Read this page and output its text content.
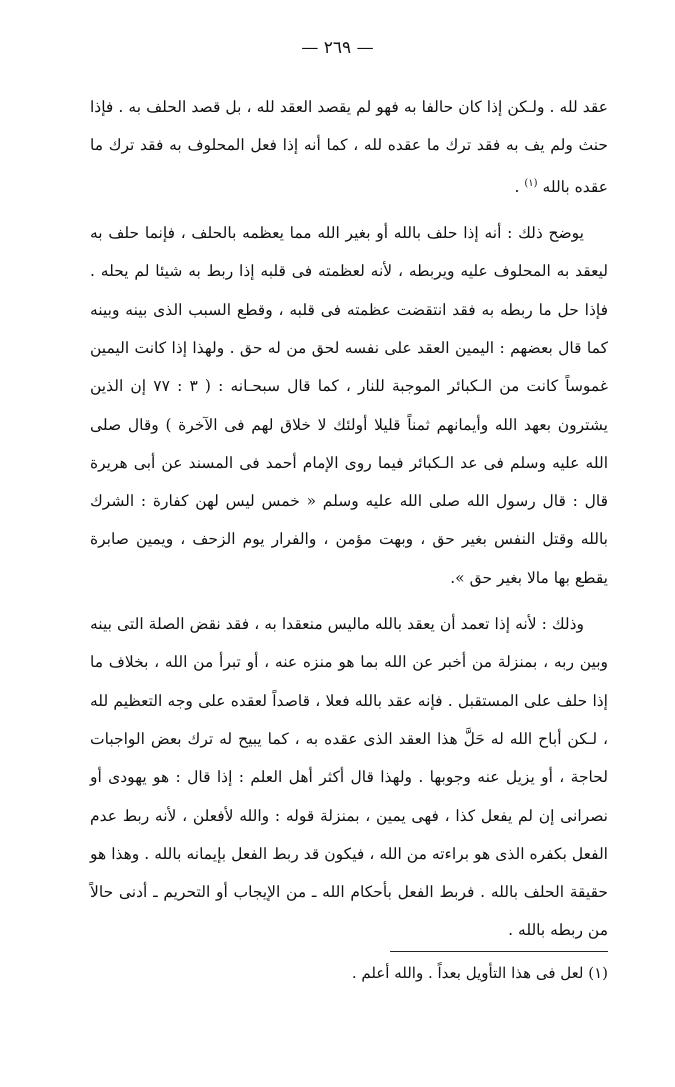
— ٢٦٩ —

عقد لله . ولـكن إذا كان حالفا به فهو لم يقصد العقد لله ، بل قصد الحلف به . فإذا حنث ولم يف به فقد ترك ما عقده لله ، كما أنه إذا فعل المحلوف به فقد ترك ما عقده بالله $^{(١)}$ .

يوضح ذلك : أنه إذا حلف بالله أو بغير الله مما يعظمه بالحلف ، فإنما حلف به ليعقد به المحلوف عليه ويربطه ، لأنه لعظمته فى قلبه إذا ربط به شيئا لم يحله . فإذا حل ما ربطه به فقد انتقضت عظمته فى قلبه ، وقطع السبب الذى بينه وبينه كما قال بعضهم : اليمين العقد على نفسه لحق من له حق . ولهذا إذا كانت اليمين غموساً كانت من الـكبائر الموجبة للنار ، كما قال سبحـانه : ( ٣ : ٧٧ إن الذين يشترون بعهد الله وأيمانهم ثمناً قليلا أولئك لا خلاق لهم فى الآخرة ) وقال صلى الله عليه وسلم فى عد الـكبائر فيما روى الإمام أحمد فى المسند عن أبى هريرة قال : قال رسول الله صلى الله عليه وسلم « خمس ليس لهن كفارة : الشرك بالله وقتل النفس بغير حق ، وبهت مؤمن ، والفرار يوم الزحف ، ويمين صابرة يقطع بها مالا بغير حق ».

وذلك : لأنه إذا تعمد أن يعقد بالله ماليس منعقدا به ، فقد نقض الصلة التى بينه وبين ربه ، بمنزلة من أخبر عن الله بما هو منزه عنه ، أو تبرأ من الله ، بخلاف ما إذا حلف على المستقبل . فإنه عقد بالله فعلا ، قاصداً لعقده على وجه التعظيم لله ، لـكن أباح الله له حَلَّ هذا العقد الذى عقده به ، كما يبيح له ترك بعض الواجبات لحاجة ، أو يزيل عنه وجوبها . ولهذا قال أكثر أهل العلم : إذا قال : هو يهودى أو نصرانى إن لم يفعل كذا ، فهى يمين ، بمنزلة قوله : والله لأفعلن ، لأنه ربط عدم الفعل بكفره الذى هو براءته من الله ، فيكون قد ربط الفعل بإيمانه بالله . وهذا هو حقيقة الحلف بالله . فربط الفعل بأحكام الله ـ من الإيجاب أو التحريم ـ أدنى حالاً من ربطه بالله .

(١) لعل فى هذا التأويل بعداً . والله أعلم .
